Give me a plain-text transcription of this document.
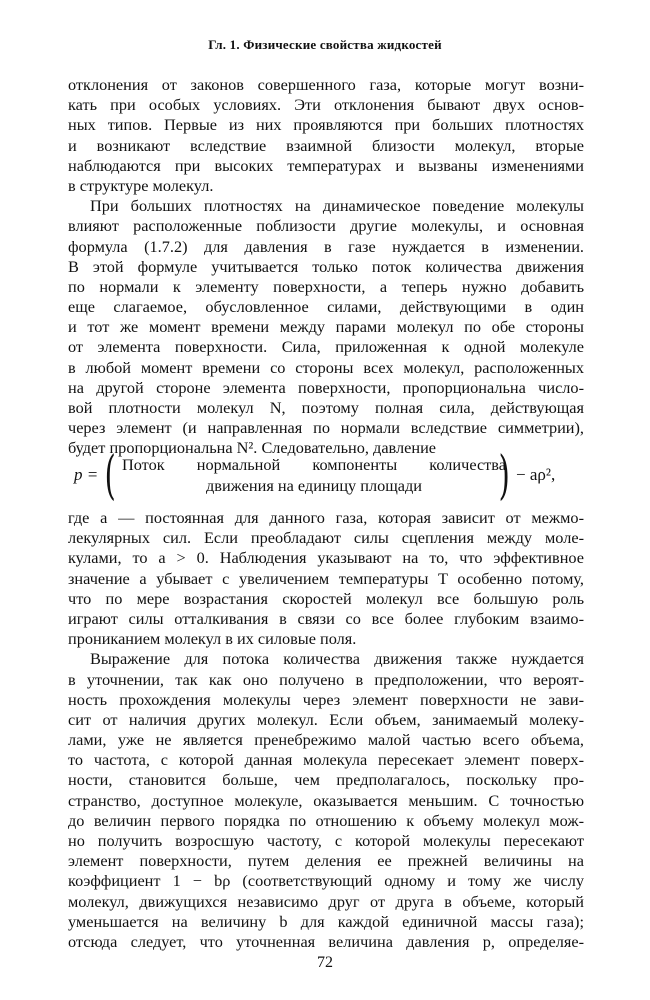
Гл. 1. Физические свойства жидкостей
отклонения от законов совершенного газа, которые могут возни-
кать при особых условиях. Эти отклонения бывают двух основ-
ных типов. Первые из них проявляются при больших плотностях
и возникают вследствие взаимной близости молекул, вторые
наблюдаются при высоких температурах и вызваны изменениями
в структуре молекул.
При больших плотностях на динамическое поведение молекулы
влияют расположенные поблизости другие молекулы, и основная
формула (1.7.2) для давления в газе нуждается в изменении.
В этой формуле учитывается только поток количества движения
по нормали к элементу поверхности, а теперь нужно добавить
еще слагаемое, обусловленное силами, действующими в один
и тот же момент времени между парами молекул по обе стороны
от элемента поверхности. Сила, приложенная к одной молекуле
в любой момент времени со стороны всех молекул, расположенных
на другой стороне элемента поверхности, пропорциональна число-
вой плотности молекул N, поэтому полная сила, действующая
через элемент (и направленная по нормали вследствие симметрии),
будет пропорциональна N². Следовательно, давление
p = ( Поток нормальной компоненты количества
движения на единицу площади	) − aρ²,
где a — постоянная для данного газа, которая зависит от межмо-
лекулярных сил. Если преобладают силы сцепления между моле-
кулами, то a > 0. Наблюдения указывают на то, что эффективное
значение a убывает с увеличением температуры T особенно потому,
что по мере возрастания скоростей молекул все большую роль
играют силы отталкивания в связи со все более глубоким взаимо-
прониканием молекул в их силовые поля.
Выражение для потока количества движения также нуждается
в уточнении, так как оно получено в предположении, что вероят-
ность прохождения молекулы через элемент поверхности не зави-
сит от наличия других молекул. Если объем, занимаемый молеку-
лами, уже не является пренебрежимо малой частью всего объема,
то частота, с которой данная молекула пересекает элемент поверх-
ности, становится больше, чем предполагалось, поскольку про-
странство, доступное молекуле, оказывается меньшим. С точностью
до величин первого порядка по отношению к объему молекул мож-
но получить возросшую частоту, с которой молекулы пересекают
элемент поверхности, путем деления ее прежней величины на
коэффициент 1 − bρ (соответствующий одному и тому же числу
молекул, движущихся независимо друг от друга в объеме, который
уменьшается на величину b для каждой единичной массы газа);
отсюда следует, что уточненная величина давления p, определяе-
72
